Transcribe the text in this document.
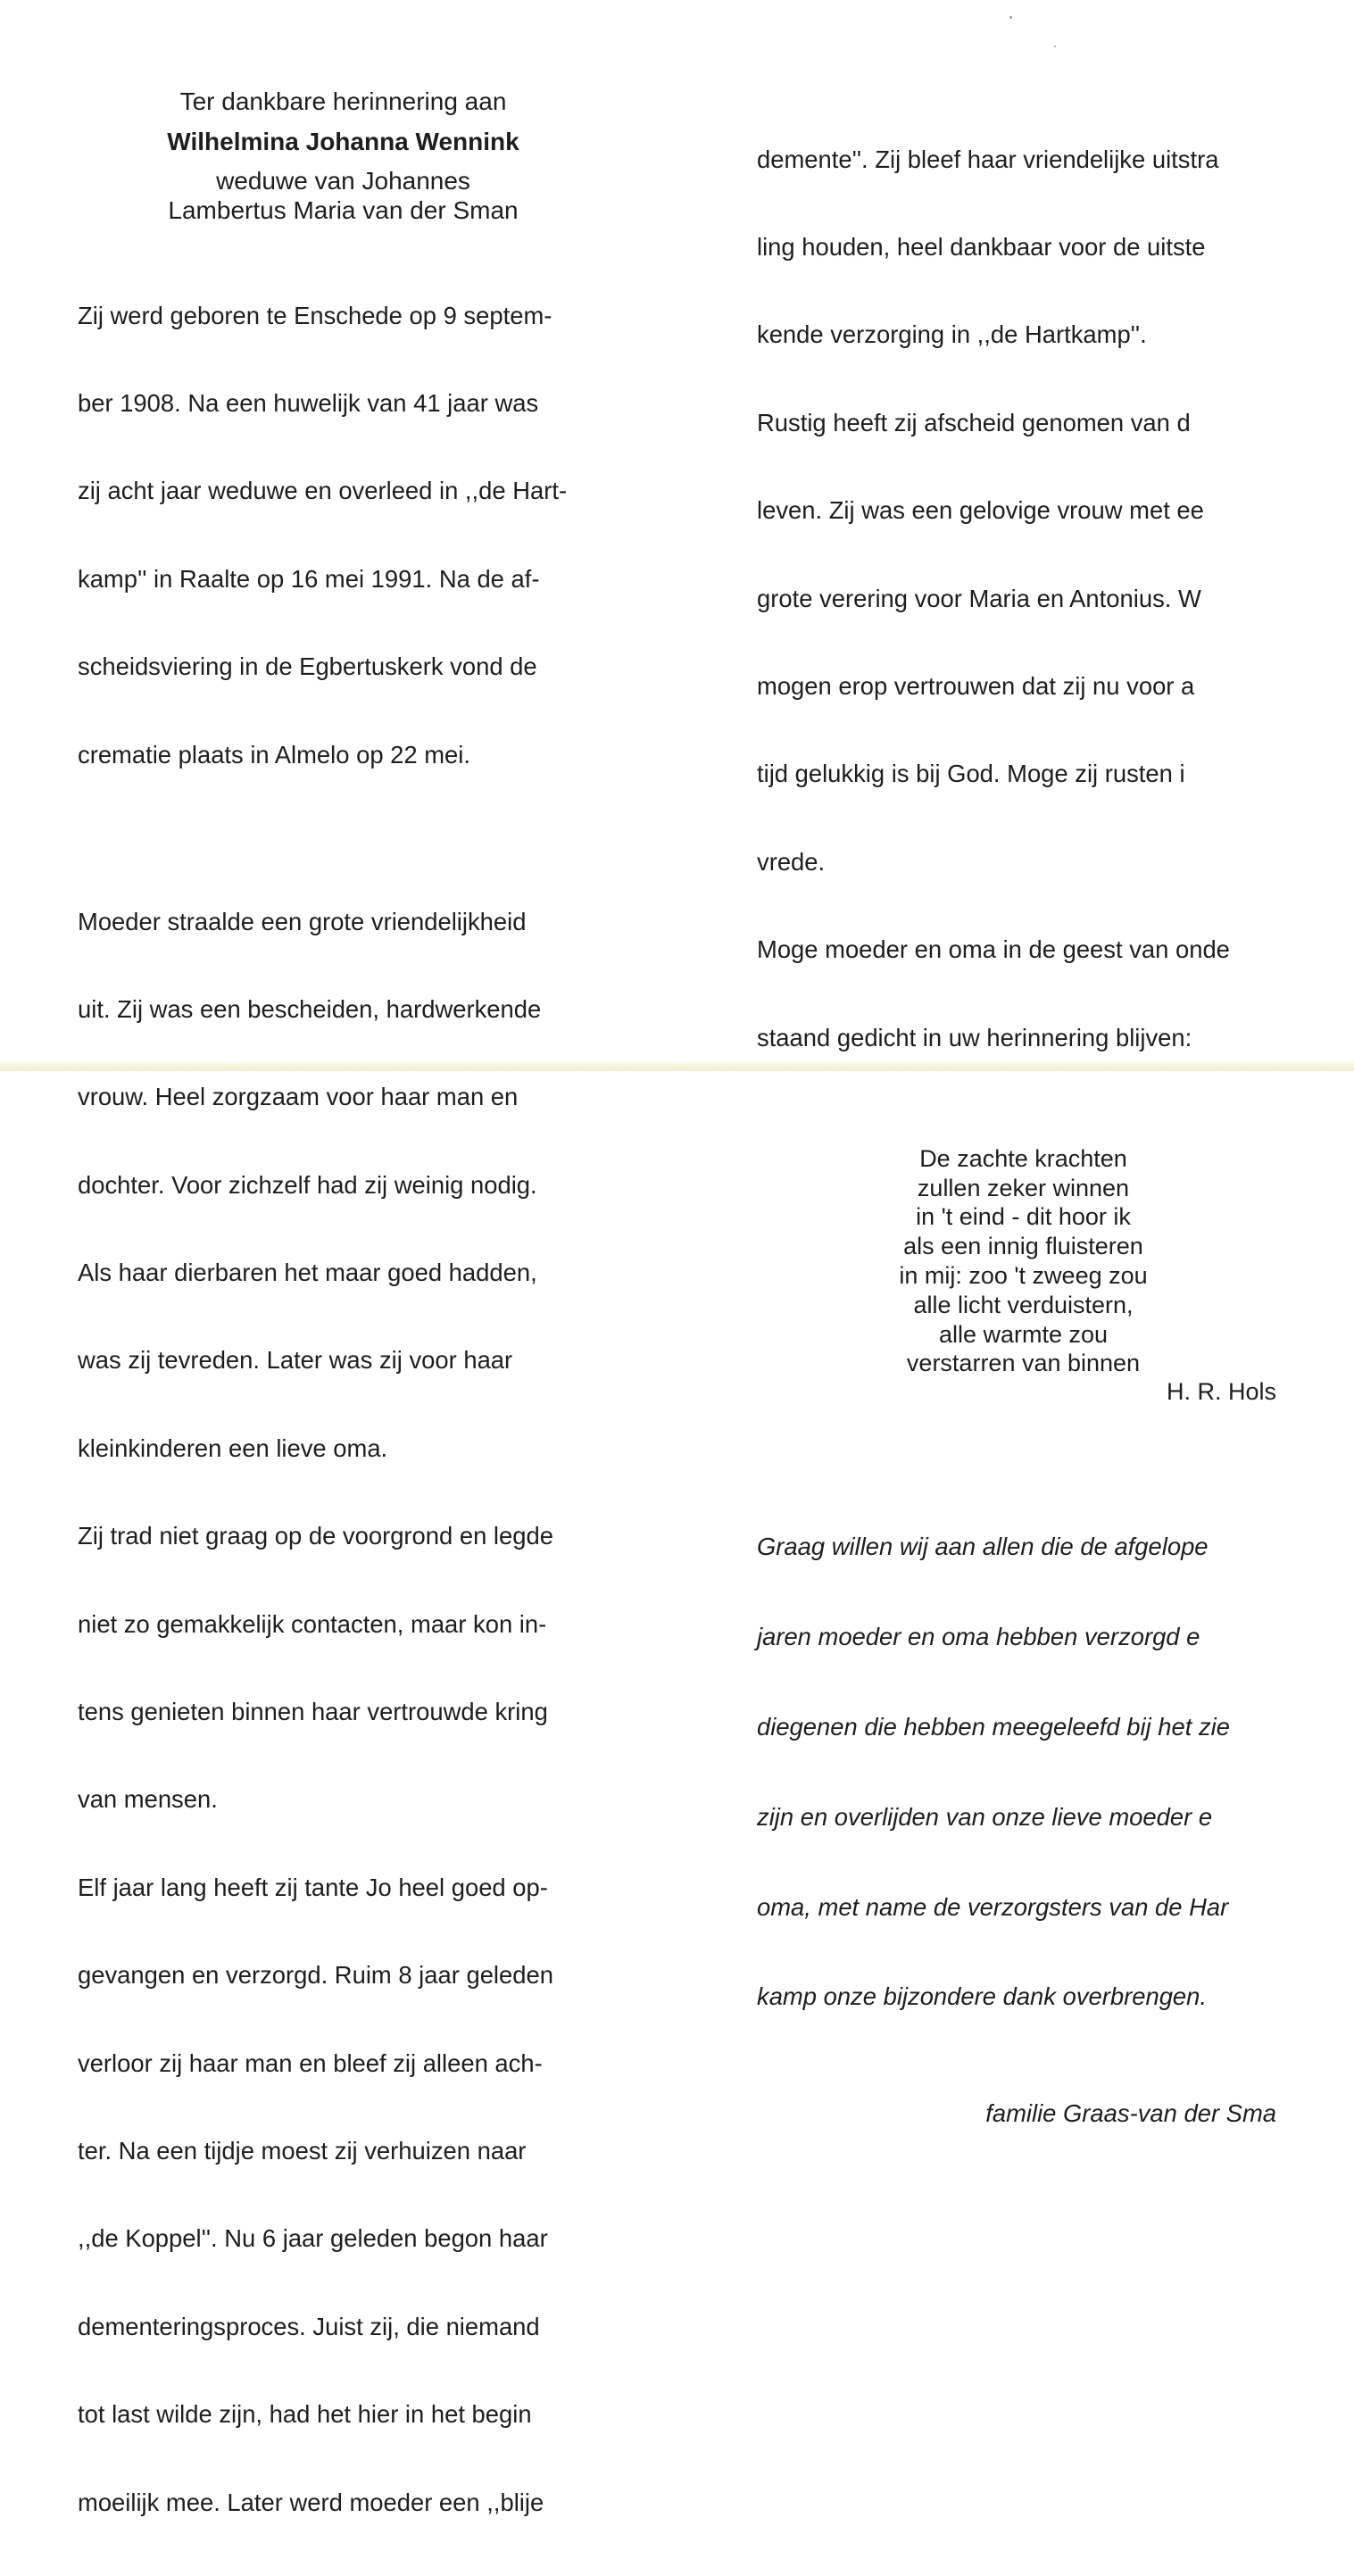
Ter dankbare herinnering aan
Wilhelmina Johanna Wennink
weduwe van Johannes
Lambertus Maria van der Sman

Zij werd geboren te Enschede op 9 septem-

ber 1908. Na een huwelijk van 41 jaar was

zij acht jaar weduwe en overleed in ,,de Hart-

kamp'' in Raalte op 16 mei 1991. Na de af-

scheidsviering in de Egbertuskerk vond de

crematie plaats in Almelo op 22 mei.

Moeder straalde een grote vriendelijkheid

uit. Zij was een bescheiden, hardwerkende

vrouw. Heel zorgzaam voor haar man en

dochter. Voor zichzelf had zij weinig nodig.

Als haar dierbaren het maar goed hadden,

was zij tevreden. Later was zij voor haar

kleinkinderen een lieve oma.

Zij trad niet graag op de voorgrond en legde

niet zo gemakkelijk contacten, maar kon in-

tens genieten binnen haar vertrouwde kring

van mensen.

Elf jaar lang heeft zij tante Jo heel goed op-

gevangen en verzorgd. Ruim 8 jaar geleden

verloor zij haar man en bleef zij alleen ach-

ter. Na een tijdje moest zij verhuizen naar

,,de Koppel''. Nu 6 jaar geleden begon haar

dementeringsproces. Juist zij, die niemand

tot last wilde zijn, had het hier in het begin

moeilijk mee. Later werd moeder een ,,blije

demente''. Zij bleef haar vriendelijke uitstra

ling houden, heel dankbaar voor de uitste

kende verzorging in ,,de Hartkamp''.

Rustig heeft zij afscheid genomen van d

leven. Zij was een gelovige vrouw met ee

grote verering voor Maria en Antonius. W

mogen erop vertrouwen dat zij nu voor a

tijd gelukkig is bij God. Moge zij rusten i

vrede.

Moge moeder en oma in de geest van onde

staand gedicht in uw herinnering blijven:

De zachte krachten
zullen zeker winnen
in 't eind - dit hoor ik
als een innig fluisteren
in mij: zoo 't zweeg zou
alle licht verduistern,
alle warmte zou
verstarren van binnen
H. R. Hols

Graag willen wij aan allen die de afgelope

jaren moeder en oma hebben verzorgd e

diegenen die hebben meegeleefd bij het zie

zijn en overlijden van onze lieve moeder e

oma, met name de verzorgsters van de Har

kamp onze bijzondere dank overbrengen.

familie Graas-van der Sma
